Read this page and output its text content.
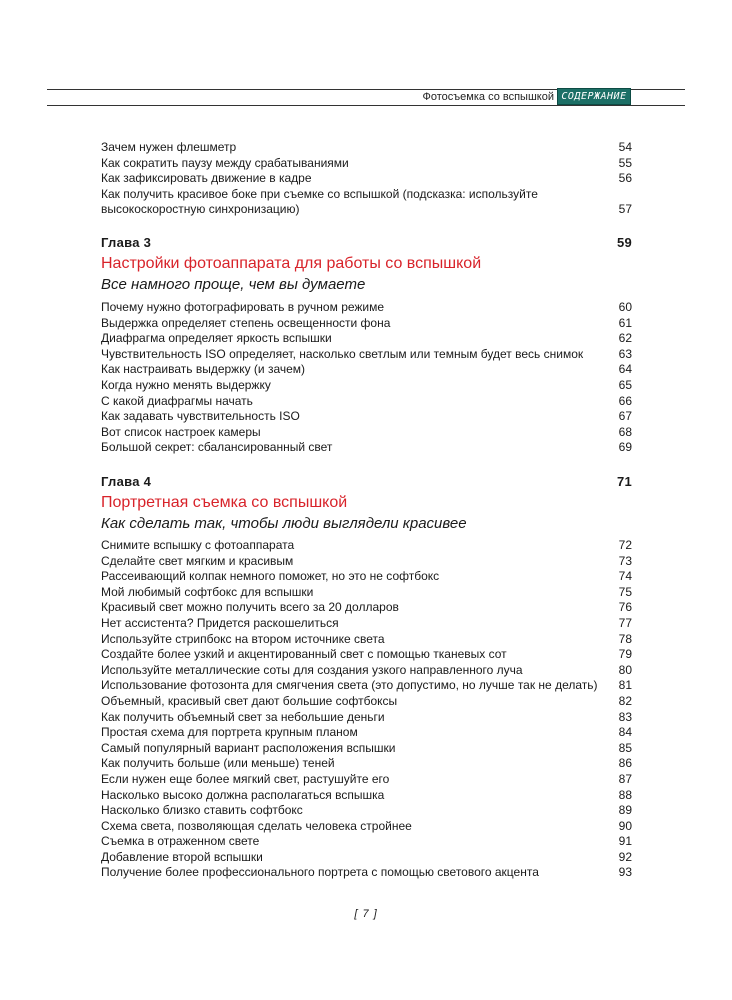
Фотосъемка со вспышкой СОДЕРЖАНИЕ
Зачем нужен флешметр	54
Как сократить паузу между срабатываниями	55
Как зафиксировать движение в кадре	56
Как получить красивое боке при съемке со вспышкой (подсказка: используйте высокоскоростную синхронизацию)	57
Глава 3	59
Настройки фотоаппарата для работы со вспышкой
Все намного проще, чем вы думаете
Почему нужно фотографировать в ручном режиме	60
Выдержка определяет степень освещенности фона	61
Диафрагма определяет яркость вспышки	62
Чувствительность ISO определяет, насколько светлым или темным будет весь снимок	63
Как настраивать выдержку (и зачем)	64
Когда нужно менять выдержку	65
С какой диафрагмы начать	66
Как задавать чувствительность ISO	67
Вот список настроек камеры	68
Большой секрет: сбалансированный свет	69
Глава 4	71
Портретная съемка со вспышкой
Как сделать так, чтобы люди выглядели красивее
Снимите вспышку с фотоаппарата	72
Сделайте свет мягким и красивым	73
Рассеивающий колпак немного поможет, но это не софтбокс	74
Мой любимый софтбокс для вспышки	75
Красивый свет можно получить всего за 20 долларов	76
Нет ассистента? Придется раскошелиться	77
Используйте стрипбокс на втором источнике света	78
Создайте более узкий и акцентированный свет с помощью тканевых сот	79
Используйте металлические соты для создания узкого направленного луча	80
Использование фотозонта для смягчения света (это допустимо, но лучше так не делать)	81
Объемный, красивый свет дают большие софтбоксы	82
Как получить объемный свет за небольшие деньги	83
Простая схема для портрета крупным планом	84
Самый популярный вариант расположения вспышки	85
Как получить больше (или меньше) теней	86
Если нужен еще более мягкий свет, растушуйте его	87
Насколько высоко должна располагаться вспышка	88
Насколько близко ставить софтбокс	89
Схема света, позволяющая сделать человека стройнее	90
Съемка в отраженном свете	91
Добавление второй вспышки	92
Получение более профессионального портрета с помощью светового акцента	93
[ 7 ]
